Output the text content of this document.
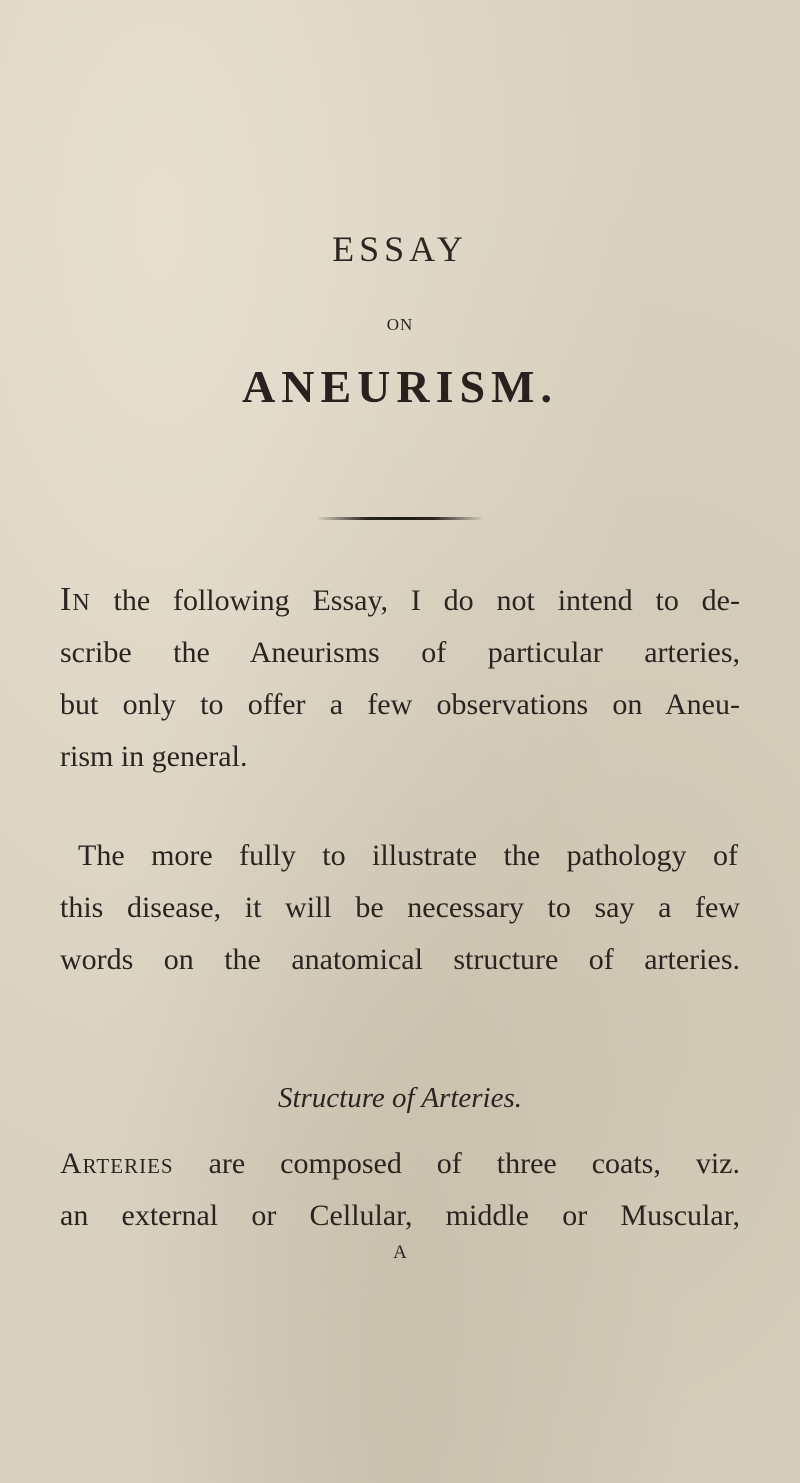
ESSAY
ON
ANEURISM.
In the following Essay, I do not intend to de-
scribe the Aneurisms of particular arteries,
but only to offer a few observations on Aneu-
rism in general.
The more fully to illustrate the pathology of
this disease, it will be necessary to say a few
words on the anatomical structure of arteries.
Structure of Arteries.
Arteries are composed of three coats, viz.
an external or Cellular, middle or Muscular,
A
